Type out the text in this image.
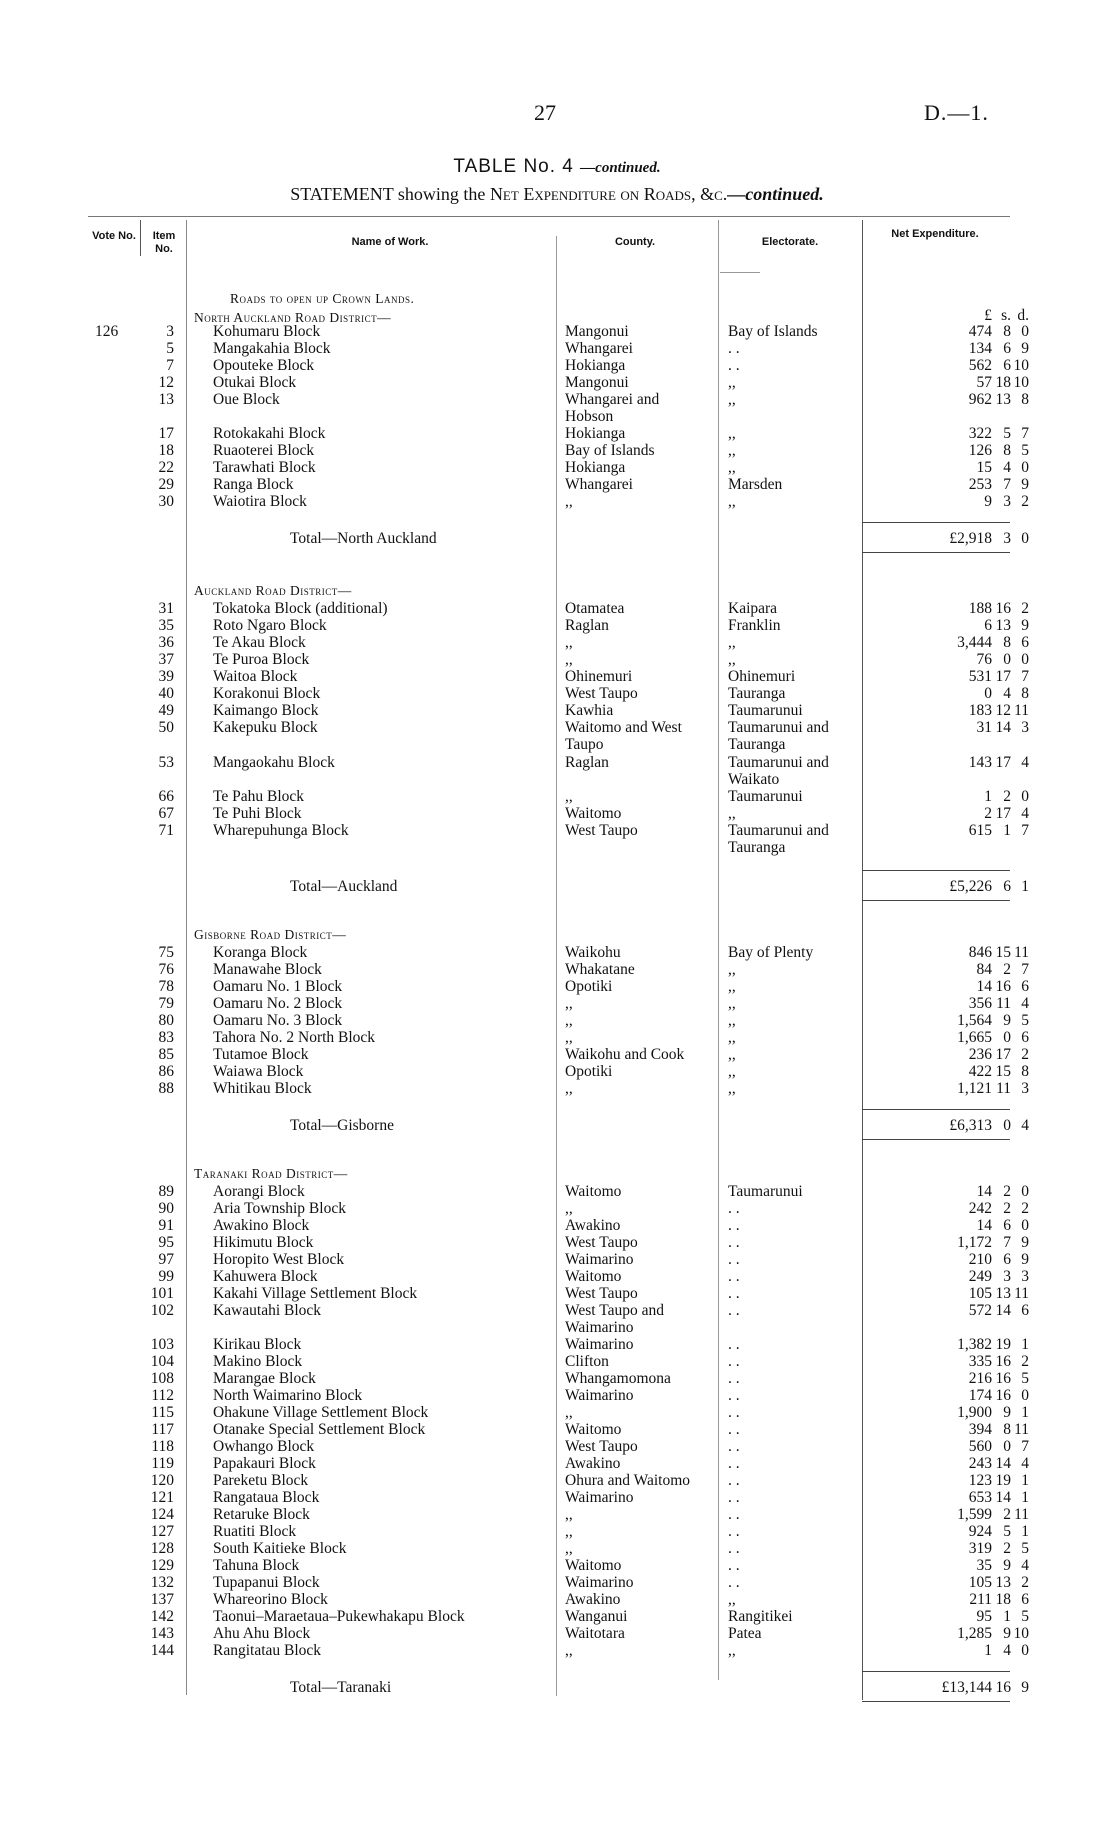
27	D.—1.
TABLE No. 4 —continued.
STATEMENT showing the Net Expenditure on Roads, &c.—continued.
Vote No.	Item No.
Name of Work.	County.	Electorate.
Net Expenditure.
Roads to open up Crown Lands.
£ s. d.
North Auckland Road District—
126	3	Kohumaru Block	Mangonui	Bay of Islands	474 8 0
5	Mangakahia Block	Whangarei	. .	134 6 9
7	Opouteke Block	Hokianga	. .	562 6 10
12	Otukai Block	Mangonui	,,	57 18 10
13	Oue Block	Whangarei and	,,	962 13 8
Hobson
17	Rotokakahi Block	Hokianga	,,	322 5 7
18	Ruaoterei Block	Bay of Islands	,,	126 8 5
22	Tarawhati Block	Hokianga	,,	15 4 0
29	Ranga Block	Whangarei	Marsden	253 7 9
30	Waiotira Block	,,	,,	9 3 2
Total—North Auckland	£2,918 3 0
Auckland Road District—
31	Tokatoka Block (additional)	Otamatea	Kaipara	188 16 2
35	Roto Ngaro Block	Raglan	Franklin	6 13 9
36	Te Akau Block	,,	,,	3,444 8 6
37	Te Puroa Block	,,	,,	76 0 0
39	Waitoa Block	Ohinemuri	Ohinemuri	531 17 7
40	Korakonui Block	West Taupo	Tauranga	0 4 8
49	Kaimango Block	Kawhia	Taumarunui	183 12 11
50	Kakepuku Block	Waitomo and West	Taumarunui and	31 14 3
Taupo	Tauranga
53	Mangaokahu Block	Raglan	Taumarunui and	143 17 4
Waikato
66	Te Pahu Block	,,	Taumarunui	1 2 0
67	Te Puhi Block	Waitomo	,,	2 17 4
71	Wharepuhunga Block	West Taupo	Taumarunui and	615 1 7
Tauranga
Total—Auckland	£5,226 6 1
Gisborne Road District—
75	Koranga Block	Waikohu	Bay of Plenty	846 15 11
76	Manawahe Block	Whakatane	,,	84 2 7
78	Oamaru No. 1 Block	Opotiki	,,	14 16 6
79	Oamaru No. 2 Block	,,	,,	356 11 4
80	Oamaru No. 3 Block	,,	,,	1,564 9 5
83	Tahora No. 2 North Block	,,	,,	1,665 0 6
85	Tutamoe Block	Waikohu and Cook	,,	236 17 2
86	Waiawa Block	Opotiki	,,	422 15 8
88	Whitikau Block	,,	,,	1,121 11 3
Total—Gisborne	£6,313 0 4
Taranaki Road District—
89	Aorangi Block	Waitomo	Taumarunui	14 2 0
90	Aria Township Block	,,	. .	242 2 2
91	Awakino Block	Awakino	. .	14 6 0
95	Hikimutu Block	West Taupo	. .	1,172 7 9
97	Horopito West Block	Waimarino	. .	210 6 9
99	Kahuwera Block	Waitomo	. .	249 3 3
101	Kakahi Village Settlement Block	West Taupo	. .	105 13 11
102	Kawautahi Block	West Taupo and	. .	572 14 6
Waimarino
103	Kirikau Block	Waimarino	. .	1,382 19 1
104	Makino Block	Clifton	. .	335 16 2
108	Marangae Block	Whangamomona	. .	216 16 5
112	North Waimarino Block	Waimarino	. .	174 16 0
115	Ohakune Village Settlement Block	,,	. .	1,900 9 1
117	Otanake Special Settlement Block	Waitomo	. .	394 8 11
118	Owhango Block	West Taupo	. .	560 0 7
119	Papakauri Block	Awakino	. .	243 14 4
120	Pareketu Block	Ohura and Waitomo . .	123 19 1
121	Rangataua Block	Waimarino	. .	653 14 1
124	Retaruke Block	,,	. .	1,599 2 11
127	Ruatiti Block	,,	. .	924 5 1
128	South Kaitieke Block	,,	. .	319 2 5
129	Tahuna Block	Waitomo	. .	35 9 4
132	Tupapanui Block	Waimarino	. .	105 13 2
137	Whareorino Block	Awakino	,,	211 18 6
142	Taonui–Maraetaua–Pukewhakapu Block	Wanganui	Rangitikei	95 1 5
143	Ahu Ahu Block	Waitotara	Patea	1,285 9 10
144	Rangitatau Block	,,	,,	1 4 0
Total—Taranaki	£13,144 16 9
